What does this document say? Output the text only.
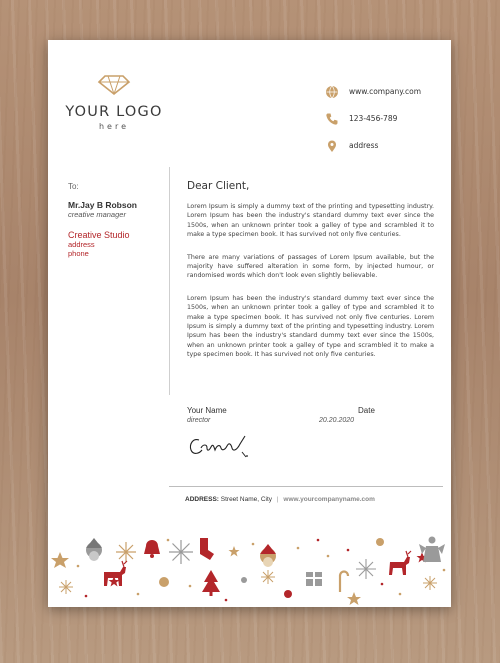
YOUR LOGO
here
www.company.com
123-456-789
address
To:
Mr.Jay B Robson
creative manager
Creative Studio
address
phone
Dear Client,

Lorem Ipsum is simply a dummy text of the printing and typesetting industry. Lorem Ipsum has been the industry's standard dummy text ever since the 1500s, when an unknown printer took a galley of type and scrambled it to make a type specimen book. It has survived not only five centuries.

There are many variations of passages of Lorem Ipsum available, but the majority have suffered alteration in some form, by injected humour, or randomised words which don't look even slightly believable.

Lorem Ipsum has been the industry's standard dummy text ever since the 1500s, when an unknown printer took a galley of type and scrambled it to make a type specimen book. It has survived not only five centuries. Lorem Ipsum is simply a dummy text of the printing and typesetting industry. Lorem Ipsum has been the industry's standard dummy text ever since the 1500s, when an unknown printer took a galley of type and scrambled it to make a type specimen book. It has survived not only five centuries.

Your Name
director
Date
20.20.2020
ADDRESS: Street Name, City | www.yourcompanyname.com
